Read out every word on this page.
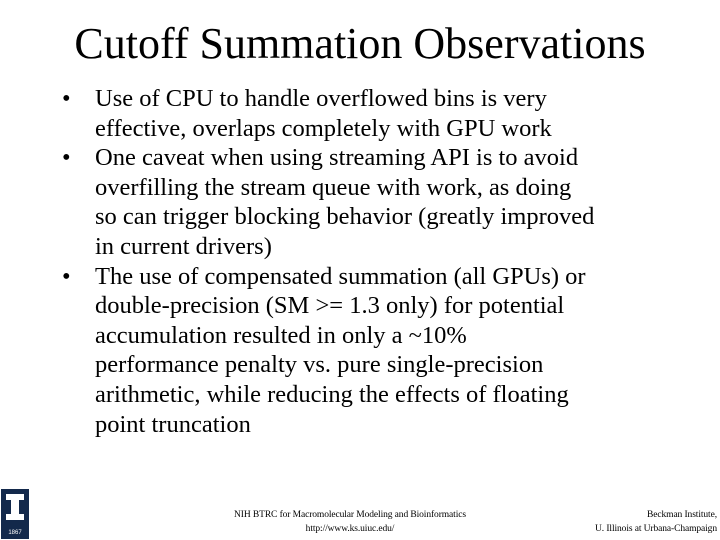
Cutoff Summation Observations
• Use of CPU to handle overflowed bins is very
effective, overlaps completely with GPU work
• One caveat when using streaming API is to avoid
overfilling the stream queue with work, as doing
so can trigger blocking behavior (greatly improved
in current drivers)
• The use of compensated summation (all GPUs) or
double-precision (SM >= 1.3 only) for potential
accumulation resulted in only a ~10%
performance penalty vs. pure single-precision
arithmetic, while reducing the effects of floating
point truncation
1867
NIH BTRC for Macromolecular Modeling and Bioinformatics
http://www.ks.uiuc.edu/
Beckman Institute,
U. Illinois at Urbana-Champaign
